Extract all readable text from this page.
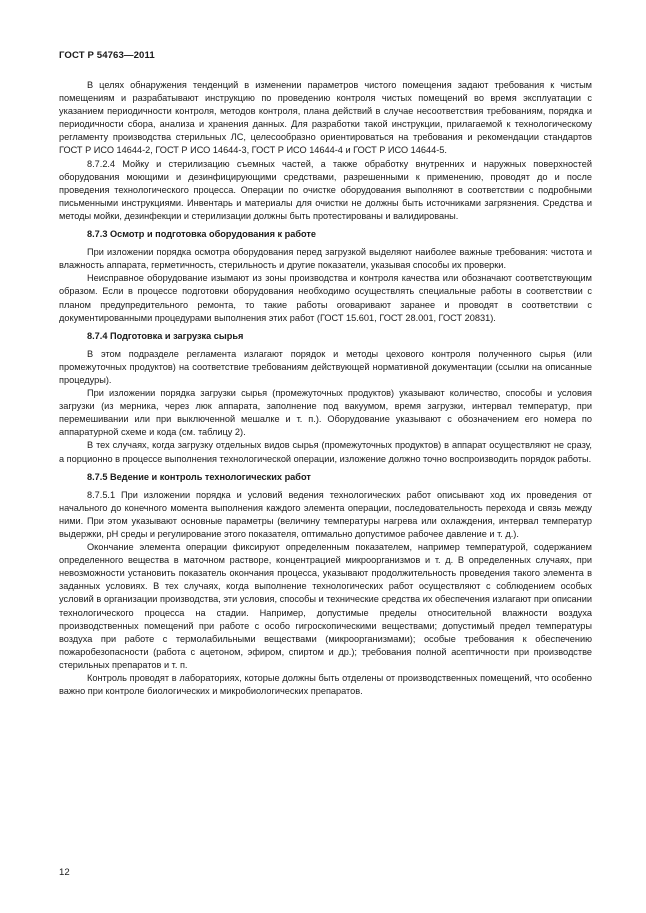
ГОСТ Р 54763—2011

В целях обнаружения тенденций в изменении параметров чистого помещения задают требования к чистым помещениям и разрабатывают инструкцию по проведению контроля чистых помещений во время эксплуатации с указанием периодичности контроля, методов контроля, плана действий в случае несоответствия требованиям, порядка и периодичности сбора, анализа и хранения данных. Для разработки такой инструкции, прилагаемой к технологическому регламенту производства стерильных ЛС, целесообразно ориентироваться на требования и рекомендации стандартов ГОСТ Р ИСО 14644-2, ГОСТ Р ИСО 14644-3, ГОСТ Р ИСО 14644-4 и ГОСТ Р ИСО 14644-5.

8.7.2.4 Мойку и стерилизацию съемных частей, а также обработку внутренних и наружных поверхностей оборудования моющими и дезинфицирующими средствами, разрешенными к применению, проводят до и после проведения технологического процесса. Операции по очистке оборудования выполняют в соответствии с подробными письменными инструкциями. Инвентарь и материалы для очистки не должны быть источниками загрязнения. Средства и методы мойки, дезинфекции и стерилизации должны быть протестированы и валидированы.

8.7.3 Осмотр и подготовка оборудования к работе

При изложении порядка осмотра оборудования перед загрузкой выделяют наиболее важные требования: чистота и влажность аппарата, герметичность, стерильность и другие показатели, указывая способы их проверки.

Неисправное оборудование изымают из зоны производства и контроля качества или обозначают соответствующим образом. Если в процессе подготовки оборудования необходимо осуществлять специальные работы в соответствии с планом предупредительного ремонта, то такие работы оговаривают заранее и проводят в соответствии с документированными процедурами выполнения этих работ (ГОСТ 15.601, ГОСТ 28.001, ГОСТ 20831).

8.7.4 Подготовка и загрузка сырья

В этом подразделе регламента излагают порядок и методы цехового контроля полученного сырья (или промежуточных продуктов) на соответствие требованиям действующей нормативной документации (ссылки на описанные процедуры).

При изложении порядка загрузки сырья (промежуточных продуктов) указывают количество, способы и условия загрузки (из мерника, через люк аппарата, заполнение под вакуумом, время загрузки, интервал температур, при перемешивании или при выключенной мешалке и т. п.). Оборудование указывают с обозначением его номера по аппаратурной схеме и кода (см. таблицу 2).

В тех случаях, когда загрузку отдельных видов сырья (промежуточных продуктов) в аппарат осуществляют не сразу, а порционно в процессе выполнения технологической операции, изложение должно точно воспроизводить порядок работы.

8.7.5 Ведение и контроль технологических работ

8.7.5.1 При изложении порядка и условий ведения технологических работ описывают ход их проведения от начального до конечного момента выполнения каждого элемента операции, последовательность перехода и связь между ними. При этом указывают основные параметры (величину температуры нагрева или охлаждения, интервал температур выдержки, pH среды и регулирование этого показателя, оптимально допустимое рабочее давление и т. д.).

Окончание элемента операции фиксируют определенным показателем, например температурой, содержанием определенного вещества в маточном растворе, концентрацией микроорганизмов и т. д. В определенных случаях, при невозможности установить показатель окончания процесса, указывают продолжительность проведения такого элемента в заданных условиях. В тех случаях, когда выполнение технологических работ осуществляют с соблюдением особых условий в организации производства, эти условия, способы и технические средства их обеспечения излагают при описании технологического процесса на стадии. Например, допустимые пределы относительной влажности воздуха производственных помещений при работе с особо гигроскопическими веществами; допустимый предел температуры воздуха при работе с термолабильными веществами (микроорганизмами); особые требования к обеспечению пожаробезопасности (работа с ацетоном, эфиром, спиртом и др.); требования полной асептичности при производстве стерильных препаратов и т. п.

Контроль проводят в лабораториях, которые должны быть отделены от производственных помещений, что особенно важно при контроле биологических и микробиологических препаратов.

12
